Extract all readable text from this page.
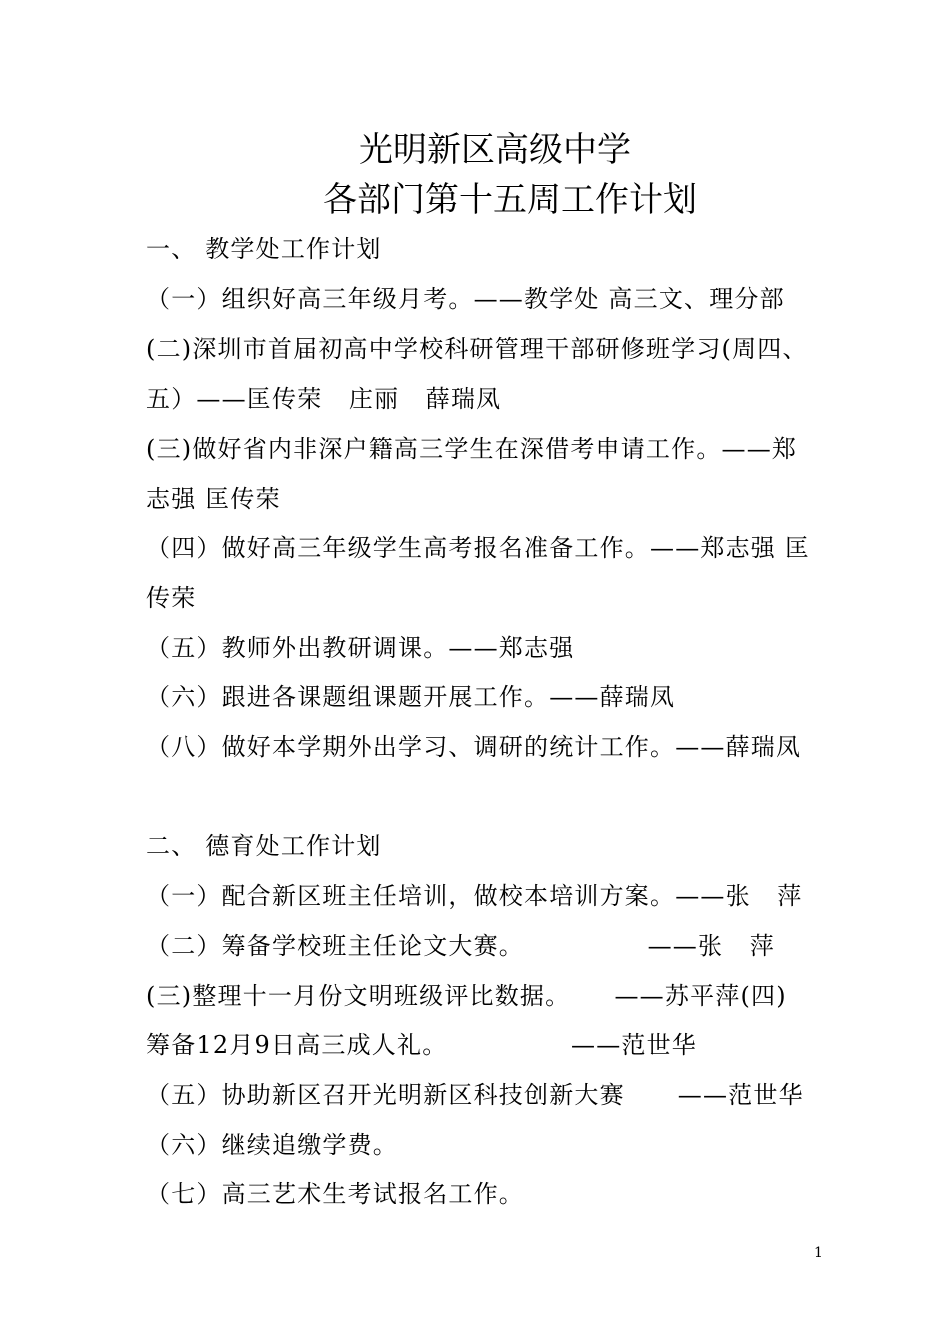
光明新区高级中学
各部门第十五周工作计划
一、 教学处工作计划
（一）组织好高三年级月考。——教学处 高三文、理分部
(二)深圳市首届初高中学校科研管理干部研修班学习(周四、
五）——匡传荣   庄丽   薛瑞凤
(三)做好省内非深户籍高三学生在深借考申请工作。——郑
志强 匡传荣
（四）做好高三年级学生高考报名准备工作。——郑志强 匡
传荣
（五）教师外出教研调课。——郑志强
（六）跟进各课题组课题开展工作。——薛瑞凤
（八）做好本学期外出学习、调研的统计工作。——薛瑞凤
二、 德育处工作计划
（一）配合新区班主任培训，做校本培训方案。——张   萍
（二）筹备学校班主任论文大赛。              ——张   萍
(三)整理十一月份文明班级评比数据。     ——苏平萍(四)
筹备12月9日高三成人礼。              ——范世华
（五）协助新区召开光明新区科技创新大赛      ——范世华
（六）继续追缴学费。
（七）高三艺术生考试报名工作。
1
